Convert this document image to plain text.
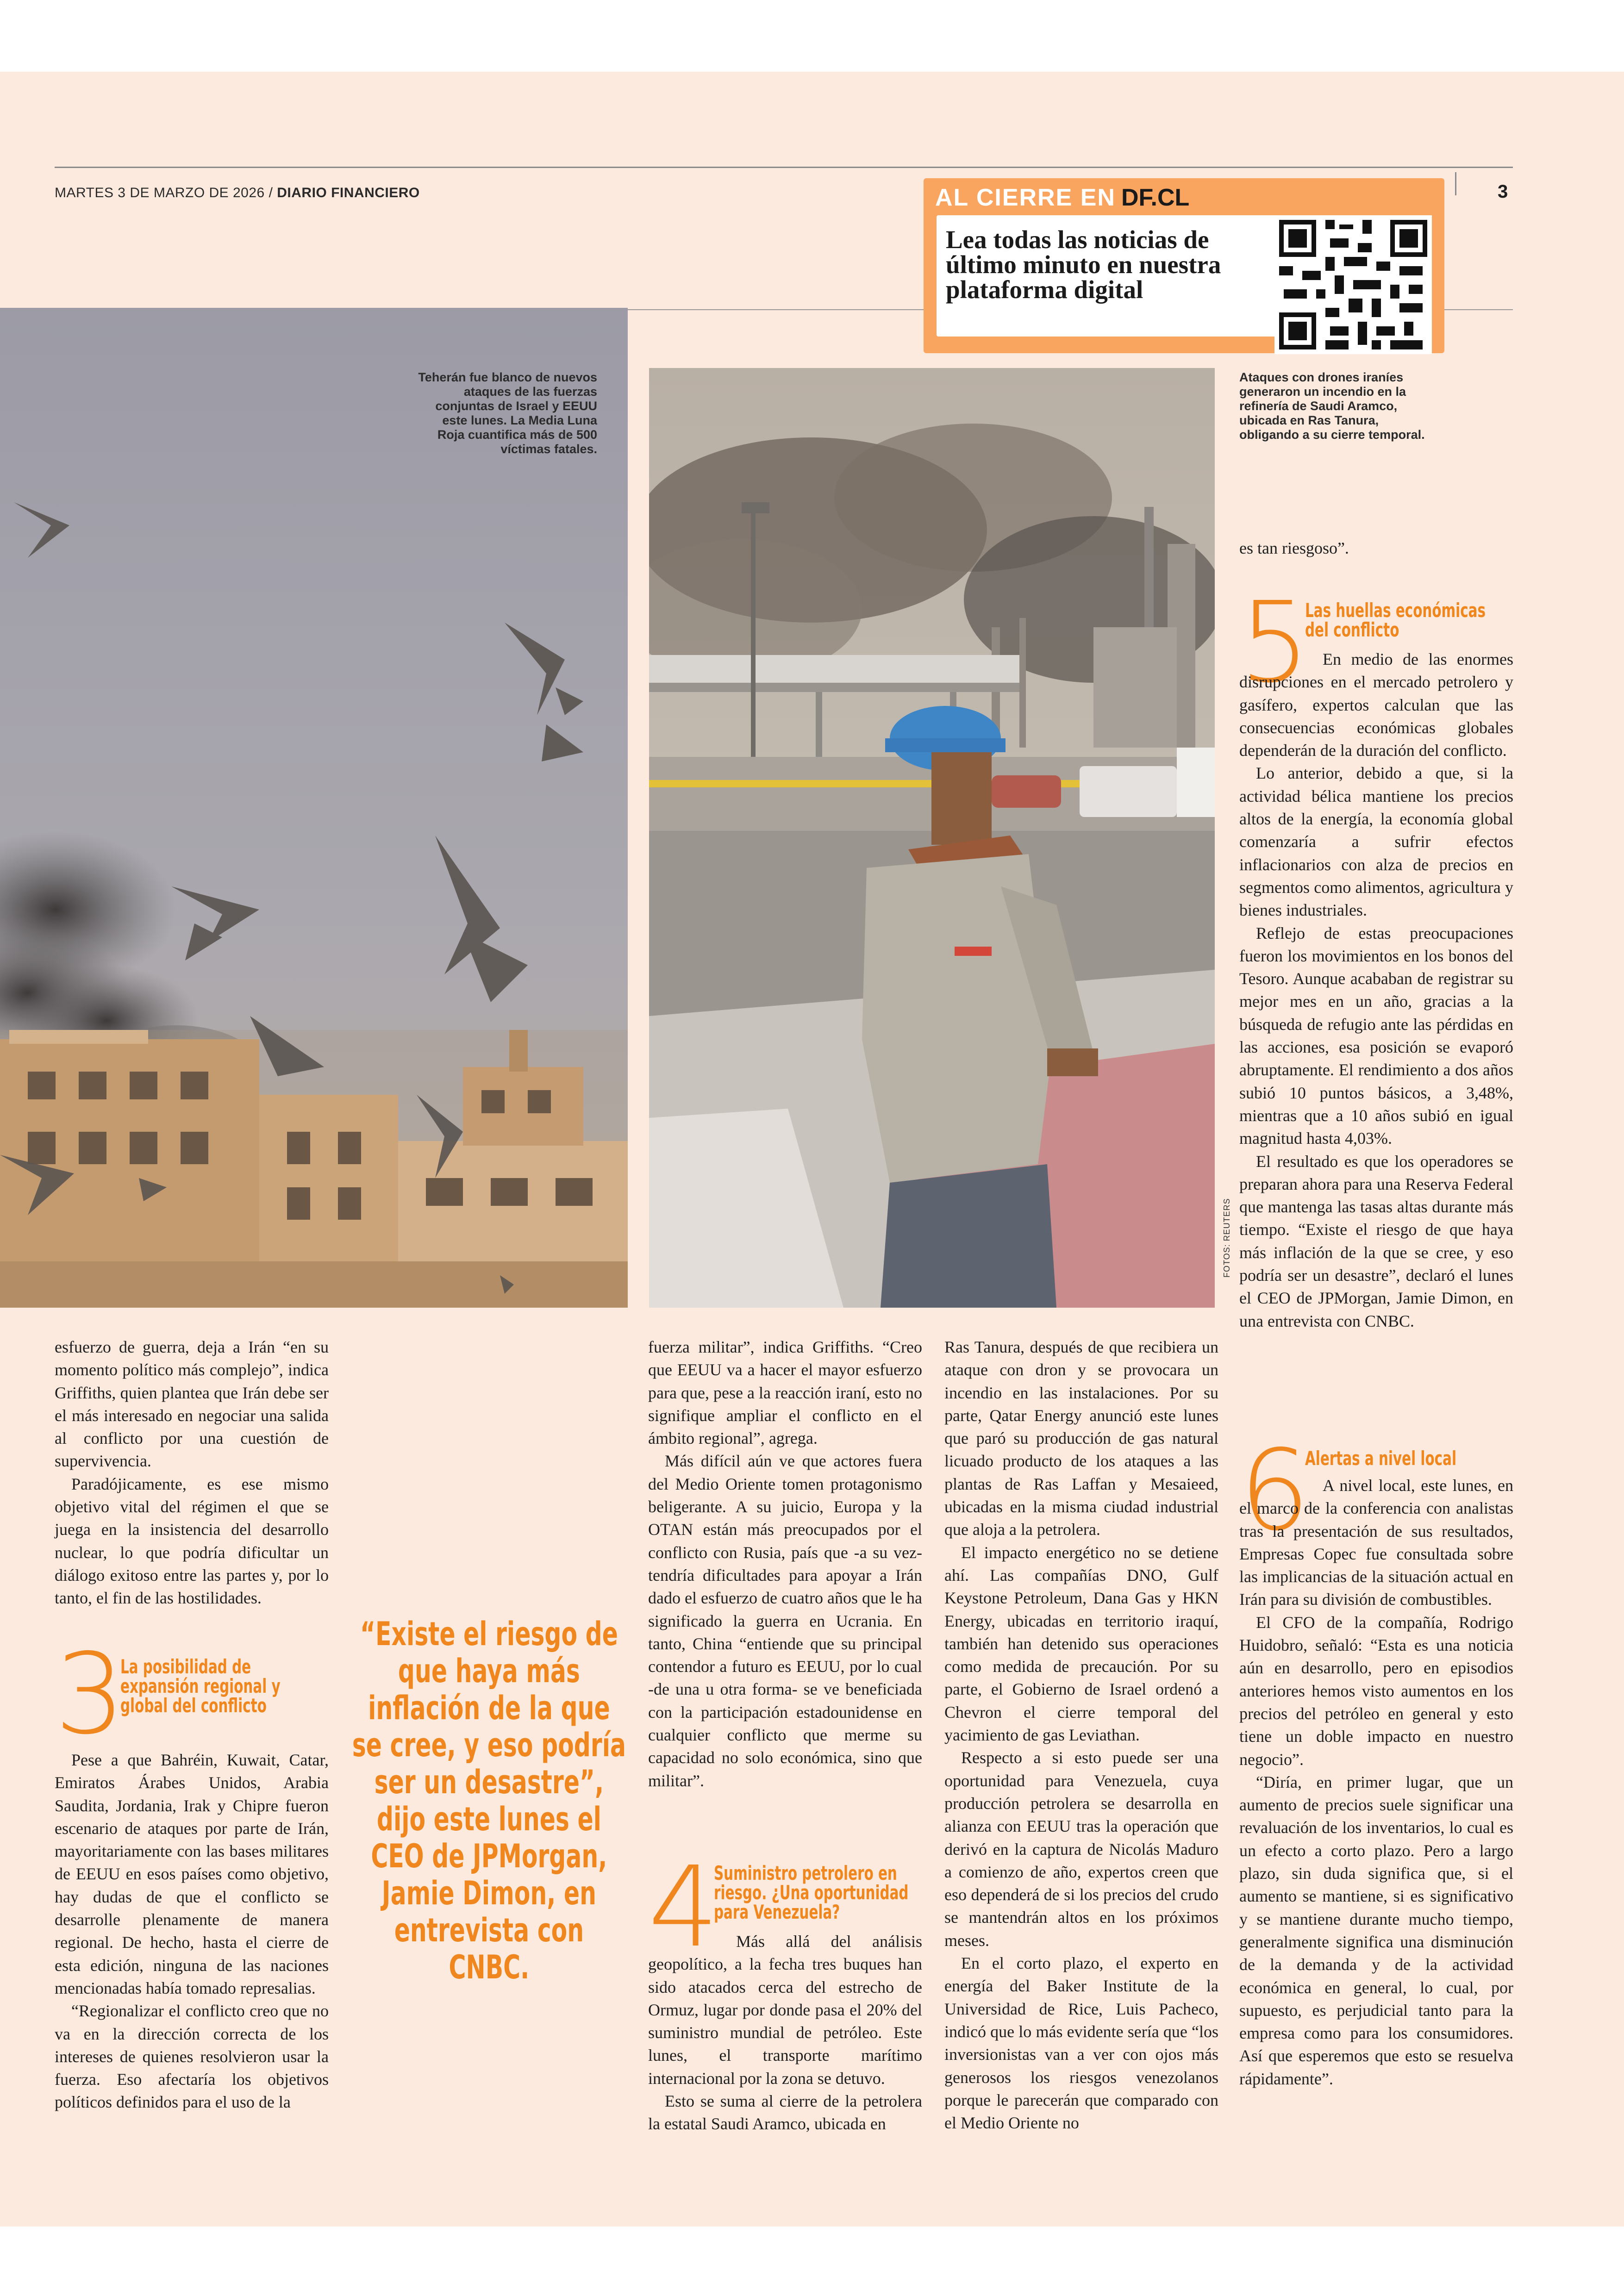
MARTES 3 DE MARZO DE 2026 / DIARIO FINANCIERO	3
AL CIERRE EN DF.CL
Lea todas las noticias de último minuto en nuestra plataforma digital
Teherán fue blanco de nuevos ataques de las fuerzas conjuntas de Israel y EEUU este lunes. La Media Luna Roja cuantifica más de 500 víctimas fatales.
Ataques con drones iraníes generaron un incendio en la refinería de Saudi Aramco, ubicada en Ras Tanura, obligando a su cierre temporal.
FOTOS: REUTERS

esfuerzo de guerra, deja a Irán “en su momento político más complejo”, indica Griffiths, quien plantea que Irán debe ser el más interesado en negociar una salida al conflicto por una cuestión de supervivencia.

Paradójicamente, es ese mismo objetivo vital del régimen el que se juega en la insistencia del desarrollo nuclear, lo que podría dificultar un diálogo exitoso entre las partes y, por lo tanto, el fin de las hostilidades.

3
La posibilidad de
expansión regional y
global del conflicto

Pese a que Bahréin, Kuwait, Catar, Emiratos Árabes Unidos, Arabia Saudita, Jordania, Irak y Chipre fueron escenario de ataques por parte de Irán, mayoritariamente con las bases militares de EEUU en esos países como objetivo, hay dudas de que el conflicto se desarrolle plenamente de manera regional. De hecho, hasta el cierre de esta edición, ninguna de las naciones mencionadas había tomado represalias.

“Regionalizar el conflicto creo que no va en la dirección correcta de los intereses de quienes resolvieron usar la fuerza. Eso afectaría los objetivos políticos definidos para el uso de la

“Existe el riesgo de que haya más inflación de la que se cree, y eso podría ser un desastre”, dijo este lunes el CEO de JPMorgan, Jamie Dimon, en entrevista con CNBC.

fuerza militar”, indica Griffiths. “Creo que EEUU va a hacer el mayor esfuerzo para que, pese a la reacción iraní, esto no signifique ampliar el conflicto en el ámbito regional”, agrega.

Más difícil aún ve que actores fuera del Medio Oriente tomen protagonismo beligerante. A su juicio, Europa y la OTAN están más preocupados por el conflicto con Rusia, país que -a su vez- tendría dificultades para apoyar a Irán dado el esfuerzo de cuatro años que le ha significado la guerra en Ucrania. En tanto, China “entiende que su principal contendor a futuro es EEUU, por lo cual -de una u otra forma- se ve beneficiada con la participación estadounidense en cualquier conflicto que merme su capacidad no solo económica, sino que militar”.

4
Suministro petrolero en
riesgo. ¿Una oportunidad
para Venezuela?

Más allá del análisis geopolítico, a la fecha tres buques han sido atacados cerca del estrecho de Ormuz, lugar por donde pasa el 20% del suministro mundial de petróleo. Este lunes, el transporte marítimo internacional por la zona se detuvo.

Esto se suma al cierre de la petrolera la estatal Saudi Aramco, ubicada en

Ras Tanura, después de que recibiera un ataque con dron y se provocara un incendio en las instalaciones. Por su parte, Qatar Energy anunció este lunes que paró su producción de gas natural licuado producto de los ataques a las plantas de Ras Laffan y Mesaieed, ubicadas en la misma ciudad industrial que aloja a la petrolera.

El impacto energético no se detiene ahí. Las compañías DNO, Gulf Keystone Petroleum, Dana Gas y HKN Energy, ubicadas en territorio iraquí, también han detenido sus operaciones como medida de precaución. Por su parte, el Gobierno de Israel ordenó a Chevron el cierre temporal del yacimiento de gas Leviathan.

Respecto a si esto puede ser una oportunidad para Venezuela, cuya producción petrolera se desarrolla en alianza con EEUU tras la operación que derivó en la captura de Nicolás Maduro a comienzo de año, expertos creen que eso dependerá de si los precios del crudo se mantendrán altos en los próximos meses.

En el corto plazo, el experto en energía del Baker Institute de la Universidad de Rice, Luis Pacheco, indicó que lo más evidente sería que “los inversionistas van a ver con ojos más generosos los riesgos venezolanos porque le parecerán que comparado con el Medio Oriente no

es tan riesgoso”.

5
Las huellas económicas
del conflicto

En medio de las enormes disrupciones en el mercado petrolero y gasífero, expertos calculan que las consecuencias económicas globales dependerán de la duración del conflicto.

Lo anterior, debido a que, si la actividad bélica mantiene los precios altos de la energía, la economía global comenzaría a sufrir efectos inflacionarios con alza de precios en segmentos como alimentos, agricultura y bienes industriales.

Reflejo de estas preocupaciones fueron los movimientos en los bonos del Tesoro. Aunque acababan de registrar su mejor mes en un año, gracias a la búsqueda de refugio ante las pérdidas en las acciones, esa posición se evaporó abruptamente. El rendimiento a dos años subió 10 puntos básicos, a 3,48%, mientras que a 10 años subió en igual magnitud hasta 4,03%.

El resultado es que los operadores se preparan ahora para una Reserva Federal que mantenga las tasas altas durante más tiempo. “Existe el riesgo de que haya más inflación de la que se cree, y eso podría ser un desastre”, declaró el lunes el CEO de JPMorgan, Jamie Dimon, en una entrevista con CNBC.

6
Alertas a nivel local

A nivel local, este lunes, en el marco de la conferencia con analistas tras la presentación de sus resultados, Empresas Copec fue consultada sobre las implicancias de la situación actual en Irán para su división de combustibles.

El CFO de la compañía, Rodrigo Huidobro, señaló: “Esta es una noticia aún en desarrollo, pero en episodios anteriores hemos visto aumentos en los precios del petróleo en general y esto tiene un doble impacto en nuestro negocio”.

“Diría, en primer lugar, que un aumento de precios suele significar una revaluación de los inventarios, lo cual es un efecto a corto plazo. Pero a largo plazo, sin duda significa que, si el aumento se mantiene, si es significativo y se mantiene durante mucho tiempo, generalmente significa una disminución de la demanda y de la actividad económica en general, lo cual, por supuesto, es perjudicial tanto para la empresa como para los consumidores. Así que esperemos que esto se resuelva rápidamente”.
